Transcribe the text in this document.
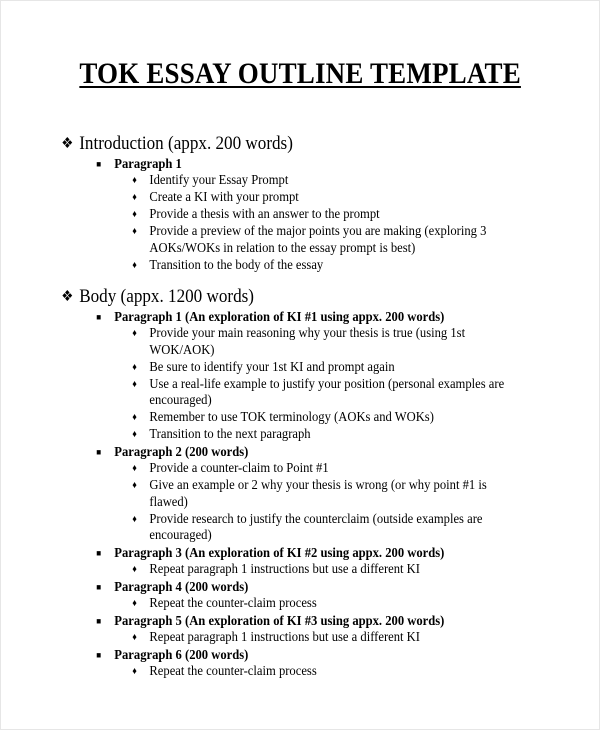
TOK ESSAY OUTLINE TEMPLATE
❖ Introduction (appx. 200 words)
■ Paragraph 1
♦ Identify your Essay Prompt
♦ Create a KI with your prompt
♦ Provide a thesis with an answer to the prompt
♦ Provide a preview of the major points you are making (exploring 3 AOKs/WOKs in relation to the essay prompt is best)
♦ Transition to the body of the essay
❖ Body (appx. 1200 words)
■ Paragraph 1 (An exploration of KI #1 using appx. 200 words)
♦ Provide your main reasoning why your thesis is true (using 1st WOK/AOK)
♦ Be sure to identify your 1st KI and prompt again
♦ Use a real-life example to justify your position (personal examples are encouraged)
♦ Remember to use TOK terminology (AOKs and WOKs)
♦ Transition to the next paragraph
■ Paragraph 2 (200 words)
♦ Provide a counter-claim to Point #1
♦ Give an example or 2 why your thesis is wrong (or why point #1 is flawed)
♦ Provide research to justify the counterclaim (outside examples are encouraged)
■ Paragraph 3 (An exploration of KI #2 using appx. 200 words)
♦ Repeat paragraph 1 instructions but use a different KI
■ Paragraph 4 (200 words)
♦ Repeat the counter-claim process
■ Paragraph 5 (An exploration of KI #3 using appx. 200 words)
♦ Repeat paragraph 1 instructions but use a different KI
■ Paragraph 6 (200 words)
♦ Repeat the counter-claim process
